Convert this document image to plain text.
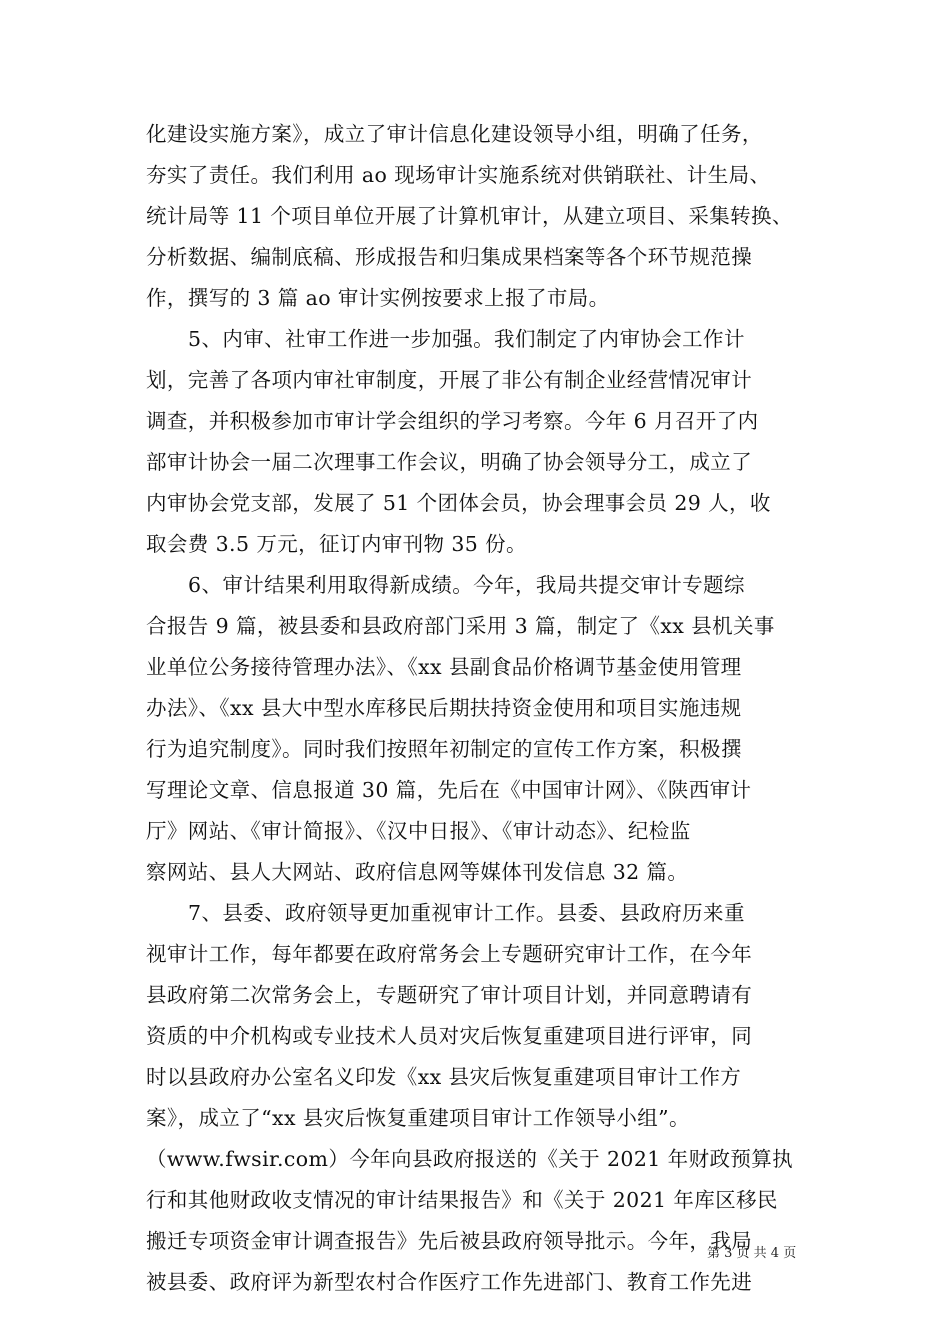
化建设实施方案》，成立了审计信息化建设领导小组，明确了任务，
夯实了责任。我们利用 ao 现场审计实施系统对供销联社、计生局、
统计局等 11 个项目单位开展了计算机审计，从建立项目、采集转换、
分析数据、编制底稿、形成报告和归集成果档案等各个环节规范操
作，撰写的 3 篇 ao 审计实例按要求上报了市局。
5、内审、社审工作进一步加强。我们制定了内审协会工作计
划，完善了各项内审社审制度，开展了非公有制企业经营情况审计
调查，并积极参加市审计学会组织的学习考察。今年 6 月召开了内
部审计协会一届二次理事工作会议，明确了协会领导分工，成立了
内审协会党支部，发展了 51 个团体会员，协会理事会员 29 人，收
取会费 3.5 万元，征订内审刊物 35 份。
6、审计结果利用取得新成绩。今年，我局共提交审计专题综
合报告 9 篇，被县委和县政府部门采用 3 篇，制定了《xx 县机关事
业单位公务接待管理办法》、《xx 县副食品价格调节基金使用管理
办法》、《xx 县大中型水库移民后期扶持资金使用和项目实施违规
行为追究制度》。同时我们按照年初制定的宣传工作方案，积极撰
写理论文章、信息报道 30 篇，先后在《中国审计网》、《陕西审计
厅》网站、《审计简报》、《汉中日报》、《审计动态》、纪检监
察网站、县人大网站、政府信息网等媒体刊发信息 32 篇。
7、县委、政府领导更加重视审计工作。县委、县政府历来重
视审计工作，每年都要在政府常务会上专题研究审计工作，在今年
县政府第二次常务会上，专题研究了审计项目计划，并同意聘请有
资质的中介机构或专业技术人员对灾后恢复重建项目进行评审，同
时以县政府办公室名义印发《xx 县灾后恢复重建项目审计工作方
案》，成立了“xx 县灾后恢复重建项目审计工作领导小组”。
（www.fwsir.com）今年向县政府报送的《关于 2021 年财政预算执
行和其他财政收支情况的审计结果报告》和《关于 2021 年库区移民
搬迁专项资金审计调查报告》先后被县政府领导批示。今年，我局
被县委、政府评为新型农村合作医疗工作先进部门、教育工作先进
第 3 页 共 4 页
